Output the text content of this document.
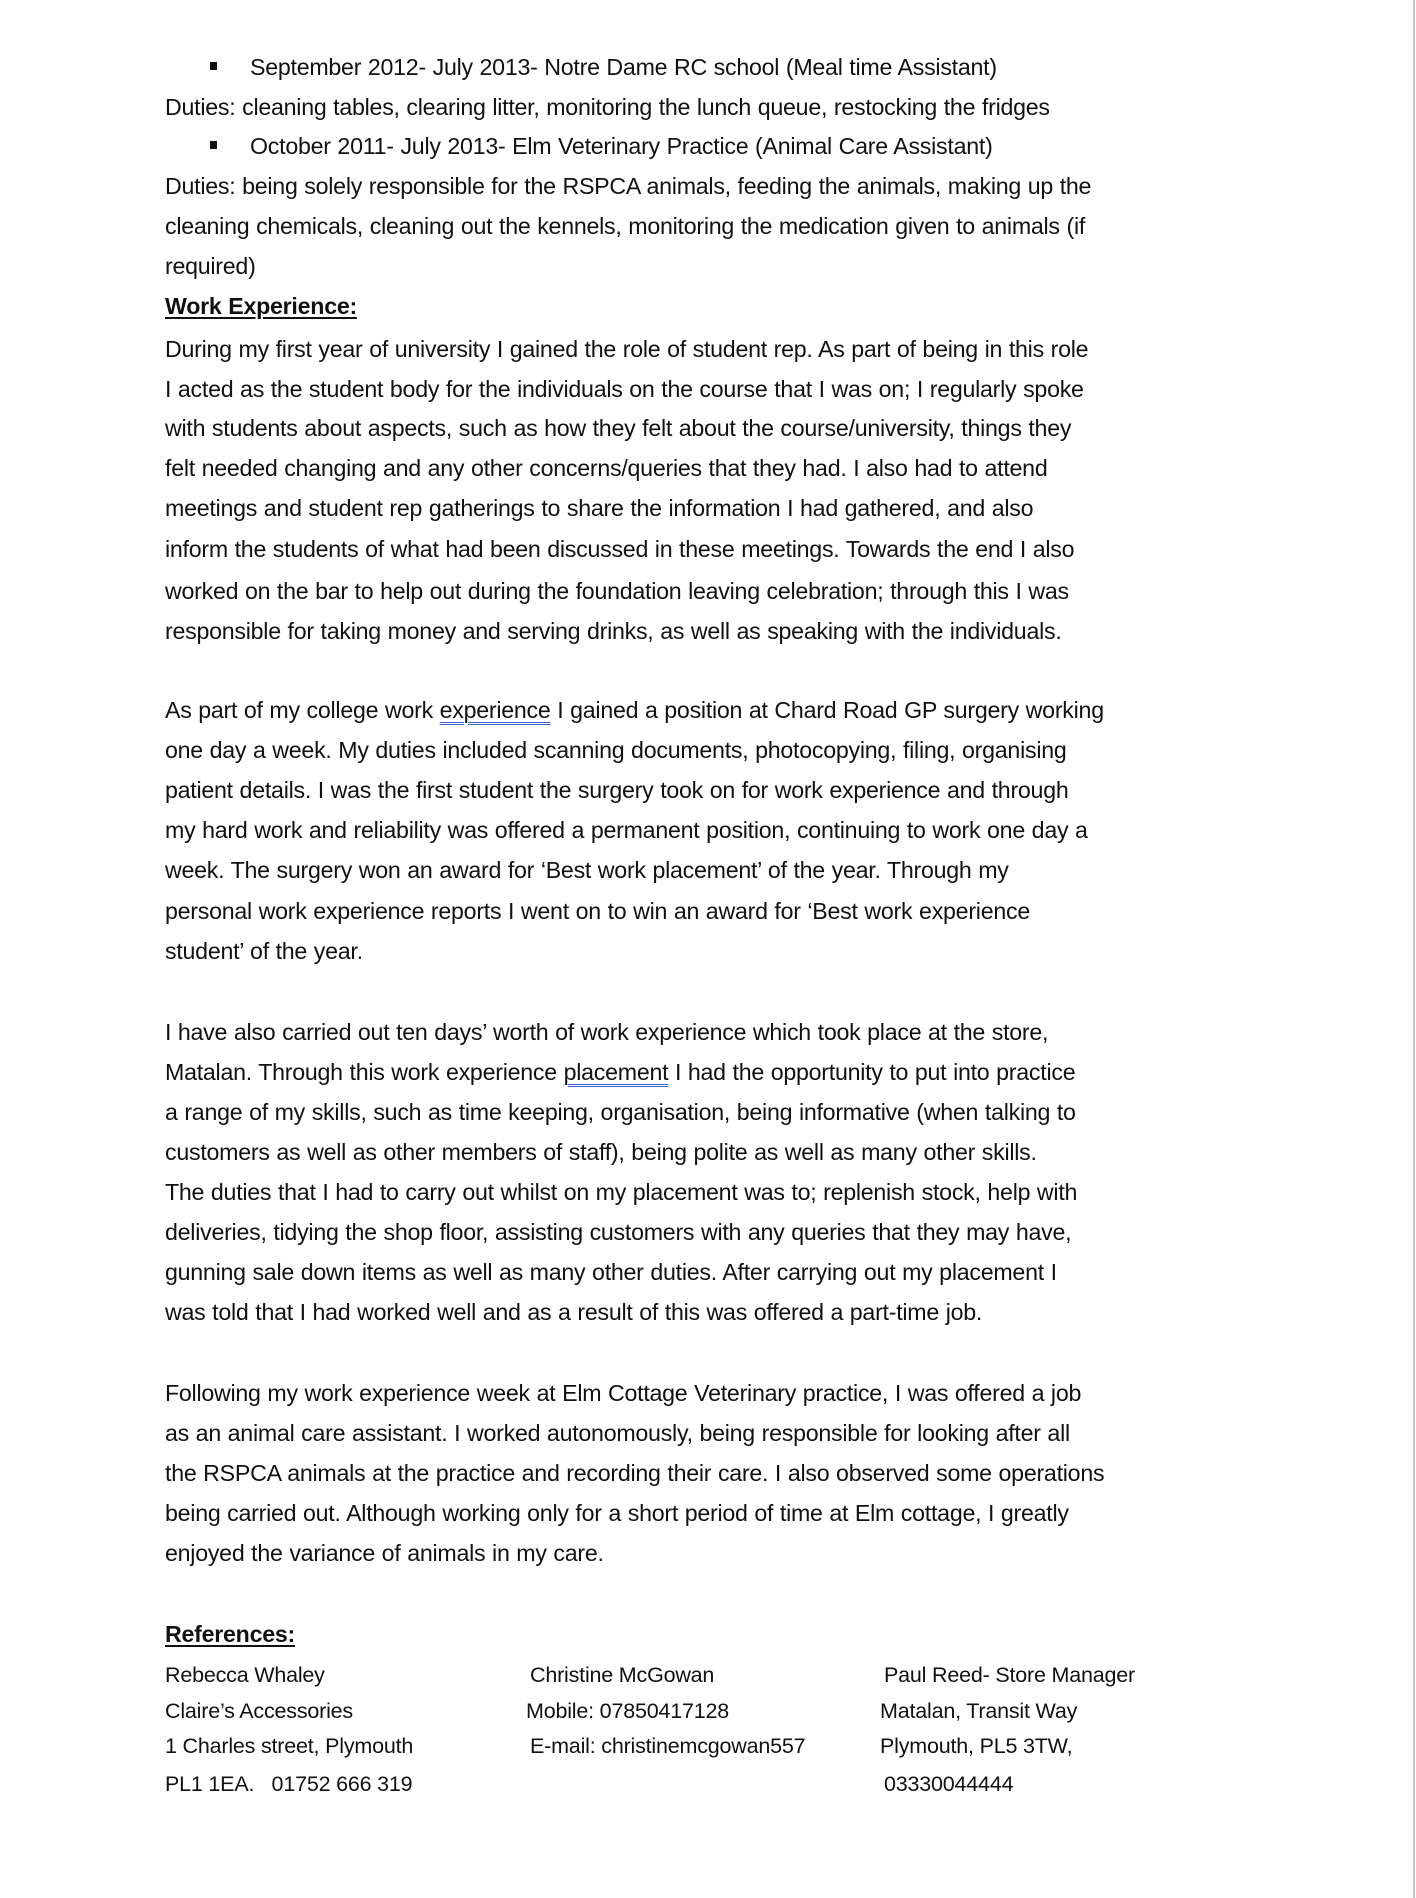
September 2012- July 2013- Notre Dame RC school (Meal time Assistant)
Duties: cleaning tables, clearing litter, monitoring the lunch queue, restocking the fridges
October 2011- July 2013- Elm Veterinary Practice (Animal Care Assistant)
Duties: being solely responsible for the RSPCA animals, feeding the animals, making up the
cleaning chemicals, cleaning out the kennels, monitoring the medication given to animals (if
required)
Work Experience:
During my first year of university I gained the role of student rep. As part of being in this role
I acted as the student body for the individuals on the course that I was on; I regularly spoke
with students about aspects, such as how they felt about the course/university, things they
felt needed changing and any other concerns/queries that they had. I also had to attend
meetings and student rep gatherings to share the information I had gathered, and also
inform the students of what had been discussed in these meetings. Towards the end I also
worked on the bar to help out during the foundation leaving celebration; through this I was
responsible for taking money and serving drinks, as well as speaking with the individuals.
As part of my college work experience I gained a position at Chard Road GP surgery working
one day a week. My duties included scanning documents, photocopying, filing, organising
patient details. I was the first student the surgery took on for work experience and through
my hard work and reliability was offered a permanent position, continuing to work one day a
week. The surgery won an award for ‘Best work placement’ of the year. Through my
personal work experience reports I went on to win an award for ‘Best work experience
student’ of the year.
I have also carried out ten days’ worth of work experience which took place at the store,
Matalan. Through this work experience placement I had the opportunity to put into practice
a range of my skills, such as time keeping, organisation, being informative (when talking to
customers as well as other members of staff), being polite as well as many other skills.
The duties that I had to carry out whilst on my placement was to; replenish stock, help with
deliveries, tidying the shop floor, assisting customers with any queries that they may have,
gunning sale down items as well as many other duties. After carrying out my placement I
was told that I had worked well and as a result of this was offered a part-time job.
Following my work experience week at Elm Cottage Veterinary practice, I was offered a job
as an animal care assistant. I worked autonomously, being responsible for looking after all
the RSPCA animals at the practice and recording their care. I also observed some operations
being carried out. Although working only for a short period of time at Elm cottage, I greatly
enjoyed the variance of animals in my care.
References:
Rebecca Whaley
Claire’s Accessories
1 Charles street, Plymouth
PL1 1EA.   01752 666 319
Christine McGowan
Mobile: 07850417128
E-mail: christinemcgowan557
Paul Reed- Store Manager
Matalan, Transit Way
Plymouth, PL5 3TW,
03330044444
